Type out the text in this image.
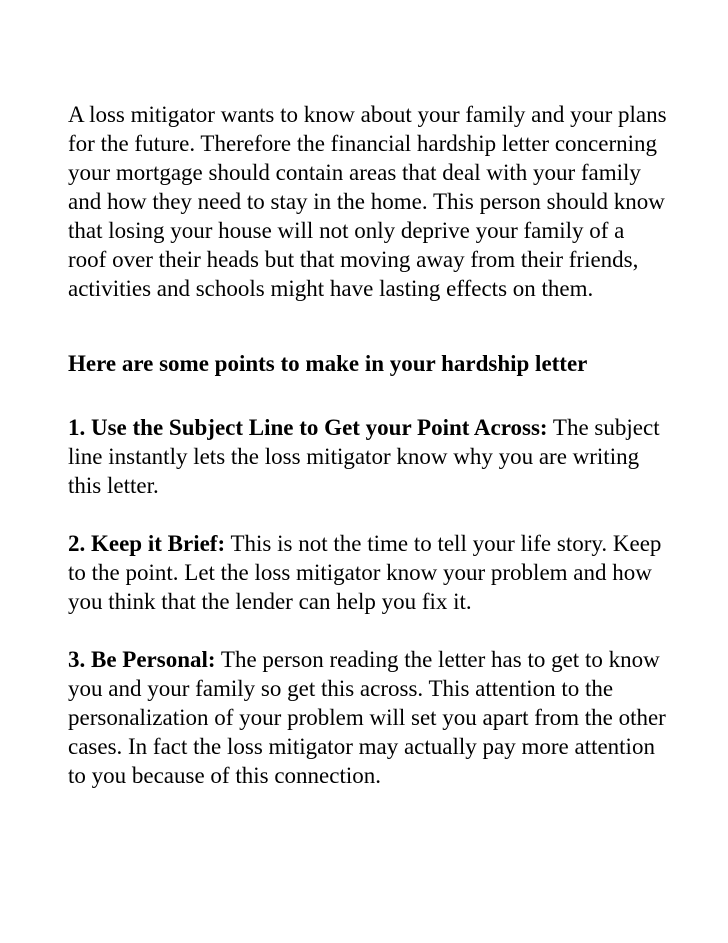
A loss mitigator wants to know about your family and your plans for the future. Therefore the financial hardship letter concerning your mortgage should contain areas that deal with your family and how they need to stay in the home. This person should know that losing your house will not only deprive your family of a roof over their heads but that moving away from their friends, activities and schools might have lasting effects on them.

Here are some points to make in your hardship letter

1. Use the Subject Line to Get your Point Across: The subject line instantly lets the loss mitigator know why you are writing this letter.

2. Keep it Brief: This is not the time to tell your life story. Keep to the point. Let the loss mitigator know your problem and how you think that the lender can help you fix it.

3. Be Personal: The person reading the letter has to get to know you and your family so get this across. This attention to the personalization of your problem will set you apart from the other cases. In fact the loss mitigator may actually pay more attention to you because of this connection.
